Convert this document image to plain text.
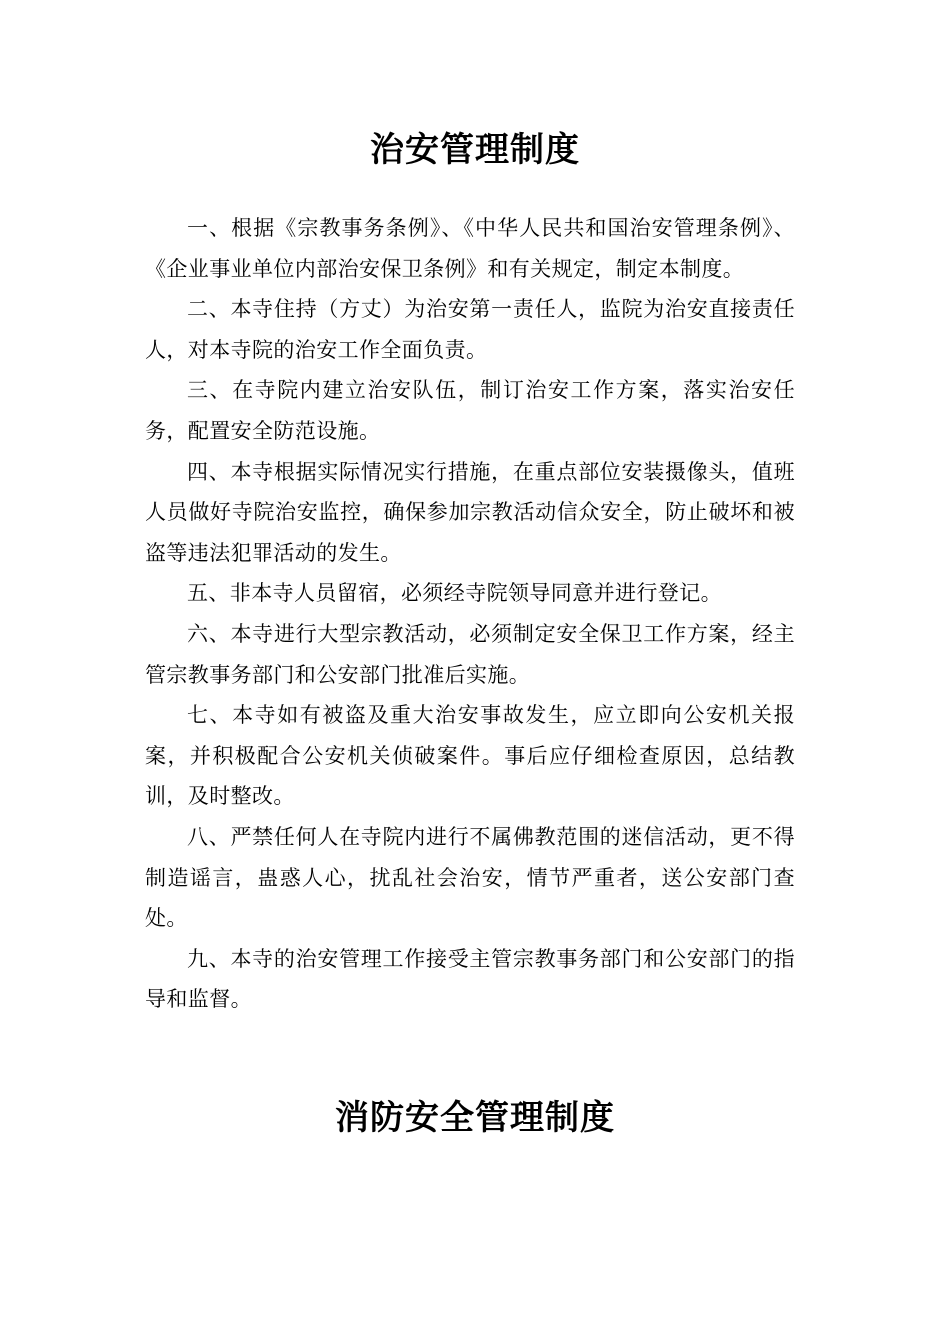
治安管理制度

一、根据《宗教事务条例》、《中华人民共和国治安管理条例》、《企业事业单位内部治安保卫条例》和有关规定，制定本制度。

二、本寺住持（方丈）为治安第一责任人，监院为治安直接责任人，对本寺院的治安工作全面负责。

三、在寺院内建立治安队伍，制订治安工作方案，落实治安任务，配置安全防范设施。

四、本寺根据实际情况实行措施，在重点部位安装摄像头，值班人员做好寺院治安监控，确保参加宗教活动信众安全，防止破坏和被盗等违法犯罪活动的发生。

五、非本寺人员留宿，必须经寺院领导同意并进行登记。

六、本寺进行大型宗教活动，必须制定安全保卫工作方案，经主管宗教事务部门和公安部门批准后实施。

七、本寺如有被盗及重大治安事故发生，应立即向公安机关报案，并积极配合公安机关侦破案件。事后应仔细检查原因，总结教训，及时整改。

八、严禁任何人在寺院内进行不属佛教范围的迷信活动，更不得制造谣言，蛊惑人心，扰乱社会治安，情节严重者，送公安部门查处。

九、本寺的治安管理工作接受主管宗教事务部门和公安部门的指导和监督。

消防安全管理制度
